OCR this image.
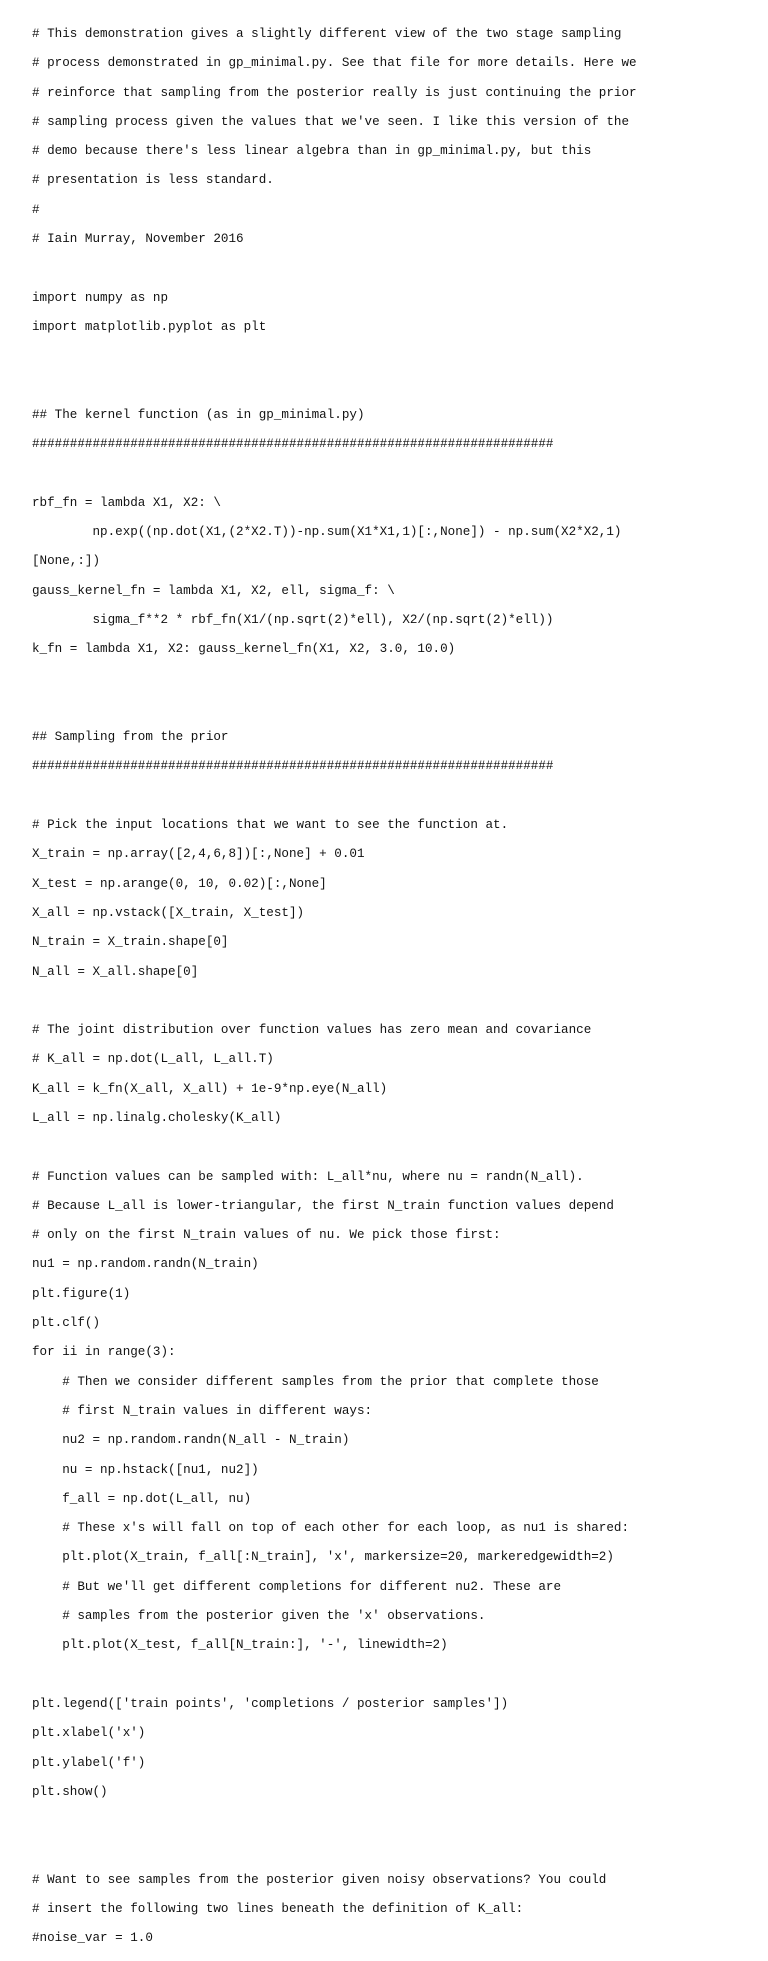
# This demonstration gives a slightly different view of the two stage sampling

# process demonstrated in gp_minimal.py. See that file for more details. Here we

# reinforce that sampling from the posterior really is just continuing the prior

# sampling process given the values that we've seen. I like this version of the

# demo because there's less linear algebra than in gp_minimal.py, but this

# presentation is less standard.

#

# Iain Murray, November 2016

import numpy as np

import matplotlib.pyplot as plt

## The kernel function (as in gp_minimal.py)

#####################################################################

rbf_fn = lambda X1, X2: \

np.exp((np.dot(X1,(2*X2.T))-np.sum(X1*X1,1)[:,None]) - np.sum(X2*X2,1)

[None,:])

gauss_kernel_fn = lambda X1, X2, ell, sigma_f: \

sigma_f**2 * rbf_fn(X1/(np.sqrt(2)*ell), X2/(np.sqrt(2)*ell))

k_fn = lambda X1, X2: gauss_kernel_fn(X1, X2, 3.0, 10.0)

## Sampling from the prior

#####################################################################

# Pick the input locations that we want to see the function at.

X_train = np.array([2,4,6,8])[:,None] + 0.01

X_test = np.arange(0, 10, 0.02)[:,None]

X_all = np.vstack([X_train, X_test])

N_train = X_train.shape[0]

N_all = X_all.shape[0]

# The joint distribution over function values has zero mean and covariance

# K_all = np.dot(L_all, L_all.T)

K_all = k_fn(X_all, X_all) + 1e-9*np.eye(N_all)

L_all = np.linalg.cholesky(K_all)

# Function values can be sampled with: L_all*nu, where nu = randn(N_all).

# Because L_all is lower-triangular, the first N_train function values depend

# only on the first N_train values of nu. We pick those first:

nu1 = np.random.randn(N_train)

plt.figure(1)

plt.clf()

for ii in range(3):

# Then we consider different samples from the prior that complete those

# first N_train values in different ways:

nu2 = np.random.randn(N_all - N_train)

nu = np.hstack([nu1, nu2])

f_all = np.dot(L_all, nu)

# These x's will fall on top of each other for each loop, as nu1 is shared:

plt.plot(X_train, f_all[:N_train], 'x', markersize=20, markeredgewidth=2)

# But we'll get different completions for different nu2. These are

# samples from the posterior given the 'x' observations.

plt.plot(X_test, f_all[N_train:], '-', linewidth=2)

plt.legend(['train points', 'completions / posterior samples'])

plt.xlabel('x')

plt.ylabel('f')

plt.show()

# Want to see samples from the posterior given noisy observations? You could

# insert the following two lines beneath the definition of K_all:

#noise_var = 1.0
